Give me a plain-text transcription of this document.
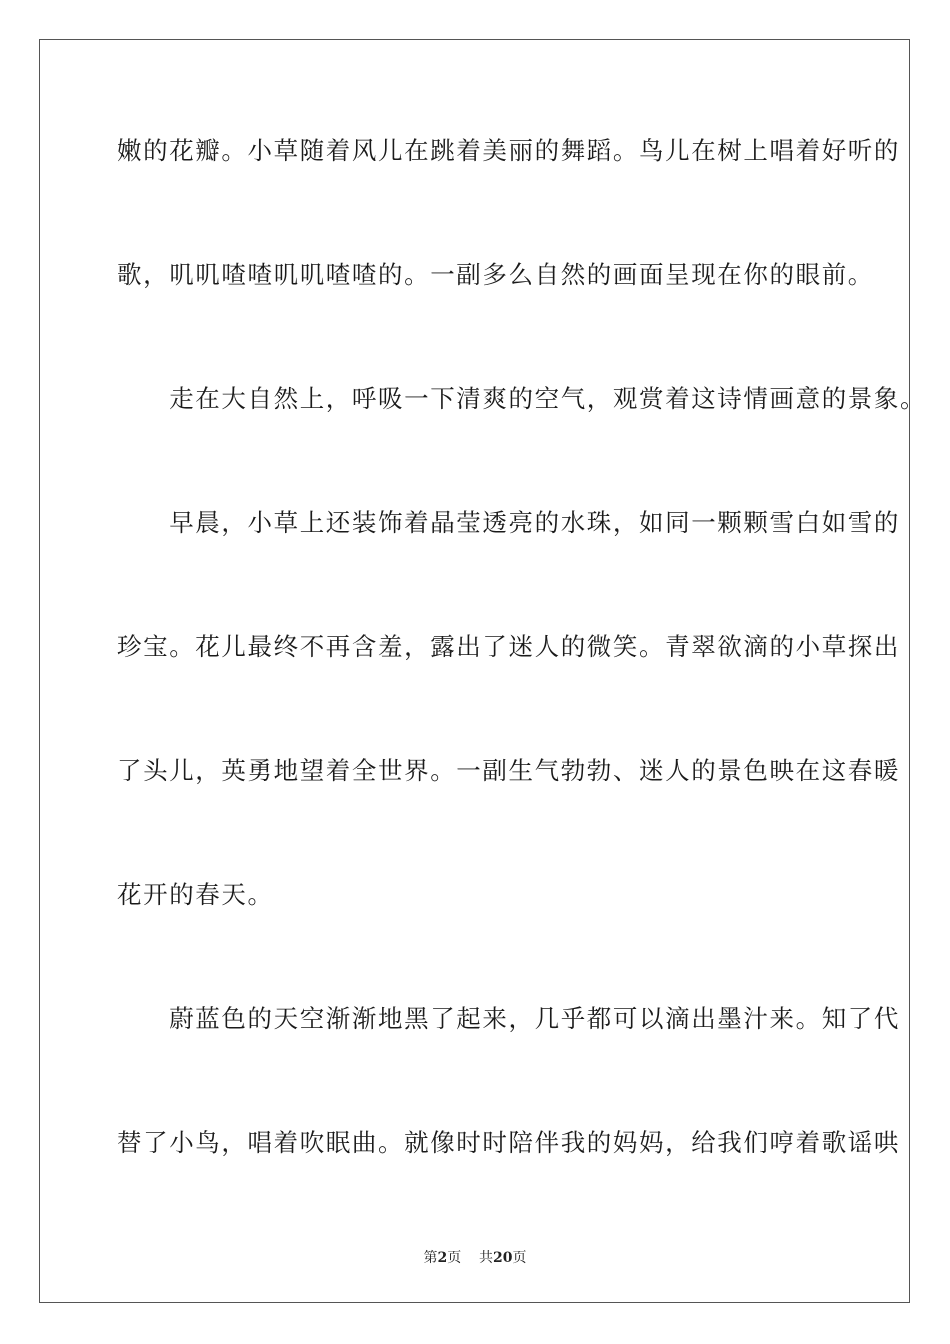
嫩的花瓣。小草随着风儿在跳着美丽的舞蹈。鸟儿在树上唱着好听的
歌，叽叽喳喳叽叽喳喳的。一副多么自然的画面呈现在你的眼前。
　　走在大自然上，呼吸一下清爽的空气，观赏着这诗情画意的景象。
　　早晨，小草上还装饰着晶莹透亮的水珠，如同一颗颗雪白如雪的
珍宝。花儿最终不再含羞，露出了迷人的微笑。青翠欲滴的小草探出
了头儿，英勇地望着全世界。一副生气勃勃、迷人的景色映在这春暖
花开的春天。
　　蔚蓝色的天空渐渐地黑了起来，几乎都可以滴出墨汁来。知了代
替了小鸟，唱着吹眠曲。就像时时陪伴我的妈妈，给我们哼着歌谣哄
第2页 共20页
